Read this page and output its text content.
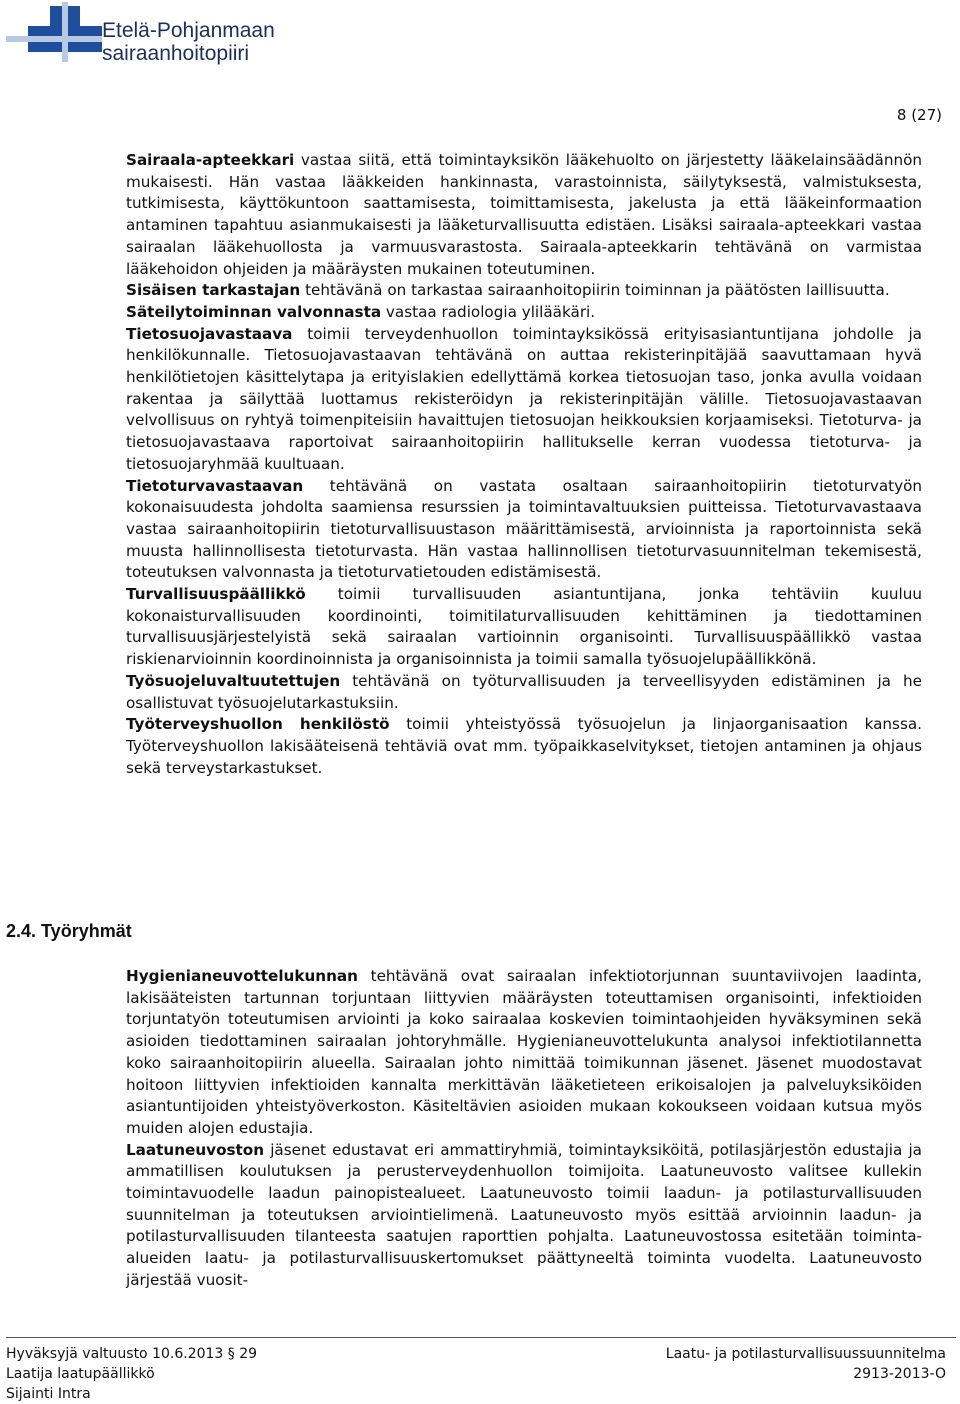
Etelä-Pohjanmaan
sairaanhoitopiiri
8 (27)

Sairaala-apteekkari vastaa siitä, että toimintayksikön lääkehuolto on järjestetty lääkelainsäädännön mukaisesti. Hän vastaa lääkkeiden hankinnasta, varastoinnista, säilytyksestä, valmistuksesta, tutkimisesta, käyttökuntoon saattamisesta, toimittamisesta, jakelusta ja että lääkeinformaation antaminen tapahtuu asianmukaisesti ja lääketurvallisuutta edistäen. Lisäksi sairaala-apteekkari vastaa sairaalan lääkehuollosta ja varmuusvarastosta. Sairaala-apteekkarin tehtävänä on varmistaa lääkehoidon ohjeiden ja määräysten mukainen toteutuminen.

Sisäisen tarkastajan tehtävänä on tarkastaa sairaanhoitopiirin toiminnan ja päätösten laillisuutta.

Säteilytoiminnan valvonnasta vastaa radiologia ylilääkäri.

Tietosuojavastaava toimii terveydenhuollon toimintayksikössä erityisasiantuntijana johdolle ja henkilökunnalle. Tietosuojavastaavan tehtävänä on auttaa rekisterinpitäjää saavuttamaan hyvä henkilötietojen käsittelytapa ja erityislakien edellyttämä korkea tietosuojan taso, jonka avulla voidaan rakentaa ja säilyttää luottamus rekisteröidyn ja rekisterinpitäjän välille. Tietosuojavastaavan velvollisuus on ryhtyä toimenpiteisiin havaittujen tietosuojan heikkouksien korjaamiseksi. Tietoturva- ja tietosuojavastaava raportoivat sairaanhoitopiirin hallitukselle kerran vuodessa tietoturva- ja tietosuojaryhmää kuultuaan.

Tietoturvavastaavan tehtävänä on vastata osaltaan sairaanhoitopiirin tietoturvatyön kokonaisuudesta johdolta saamiensa resurssien ja toimintavaltuuksien puitteissa. Tietoturvavastaava vastaa sairaanhoitopiirin tietoturvallisuustason määrittämisestä, arvioinnista ja raportoinnista sekä muusta hallinnollisesta tietoturvasta. Hän vastaa hallinnollisen tietoturvasuunnitelman tekemisestä, toteutuksen valvonnasta ja tietoturvatietouden edistämisestä.

Turvallisuuspäällikkö toimii turvallisuuden asiantuntijana, jonka tehtäviin kuuluu kokonaisturvallisuuden koordinointi, toimitilaturvallisuuden kehittäminen ja tiedottaminen turvallisuusjärjestelyistä sekä sairaalan vartioinnin organisointi. Turvallisuuspäällikkö vastaa riskienarvioinnin koordinoinnista ja organisoinnista ja toimii samalla työsuojelupäällikkönä.

Työsuojeluvaltuutettujen tehtävänä on työturvallisuuden ja terveellisyyden edistäminen ja he osallistuvat työsuojelutarkastuksiin.

Työterveyshuollon henkilöstö toimii yhteistyössä työsuojelun ja linjaorganisaation kanssa. Työterveyshuollon lakisääteisenä tehtäviä ovat mm. työpaikkaselvitykset, tietojen antaminen ja ohjaus sekä terveystarkastukset.

2.4. Työryhmät

Hygienianeuvottelukunnan tehtävänä ovat sairaalan infektiotorjunnan suuntaviivojen laadinta, lakisääteisten tartunnan torjuntaan liittyvien määräysten toteuttamisen organisointi, infektioiden torjuntatyön toteutumisen arviointi ja koko sairaalaa koskevien toimintaohjeiden hyväksyminen sekä asioiden tiedottaminen sairaalan johtoryhmälle. Hygienianeuvottelukunta analysoi infektiotilannetta koko sairaanhoitopiirin alueella. Sairaalan johto nimittää toimikunnan jäsenet. Jäsenet muodostavat hoitoon liittyvien infektioiden kannalta merkittävän lääketieteen erikoisalojen ja palveluyksiköiden asiantuntijoiden yhteistyöverkoston. Käsiteltävien asioiden mukaan kokoukseen voidaan kutsua myös muiden alojen edustajia.

Laatuneuvoston jäsenet edustavat eri ammattiryhmiä, toimintayksiköitä, potilasjärjestön edustajia ja ammatillisen koulutuksen ja perusterveydenhuollon toimijoita. Laatuneuvosto valitsee kullekin toimintavuodelle laadun painopistealueet. Laatuneuvosto toimii laadun- ja potilasturvallisuuden suunnitelman ja toteutuksen arviointielimenä. Laatuneuvosto myös esittää arvioinnin laadun- ja potilasturvallisuuden tilanteesta saatujen raporttien pohjalta. Laatuneuvostossa esitetään toiminta-alueiden laatu- ja potilasturvallisuuskertomukset päättyneeltä toiminta vuodelta. Laatuneuvosto järjestää vuosit-

Hyväksyjä valtuusto 10.6.2013 § 29
Laatija laatupäällikkö
Sijainti Intra
Laatu- ja potilasturvallisuussuunnitelma
2913-2013-O
